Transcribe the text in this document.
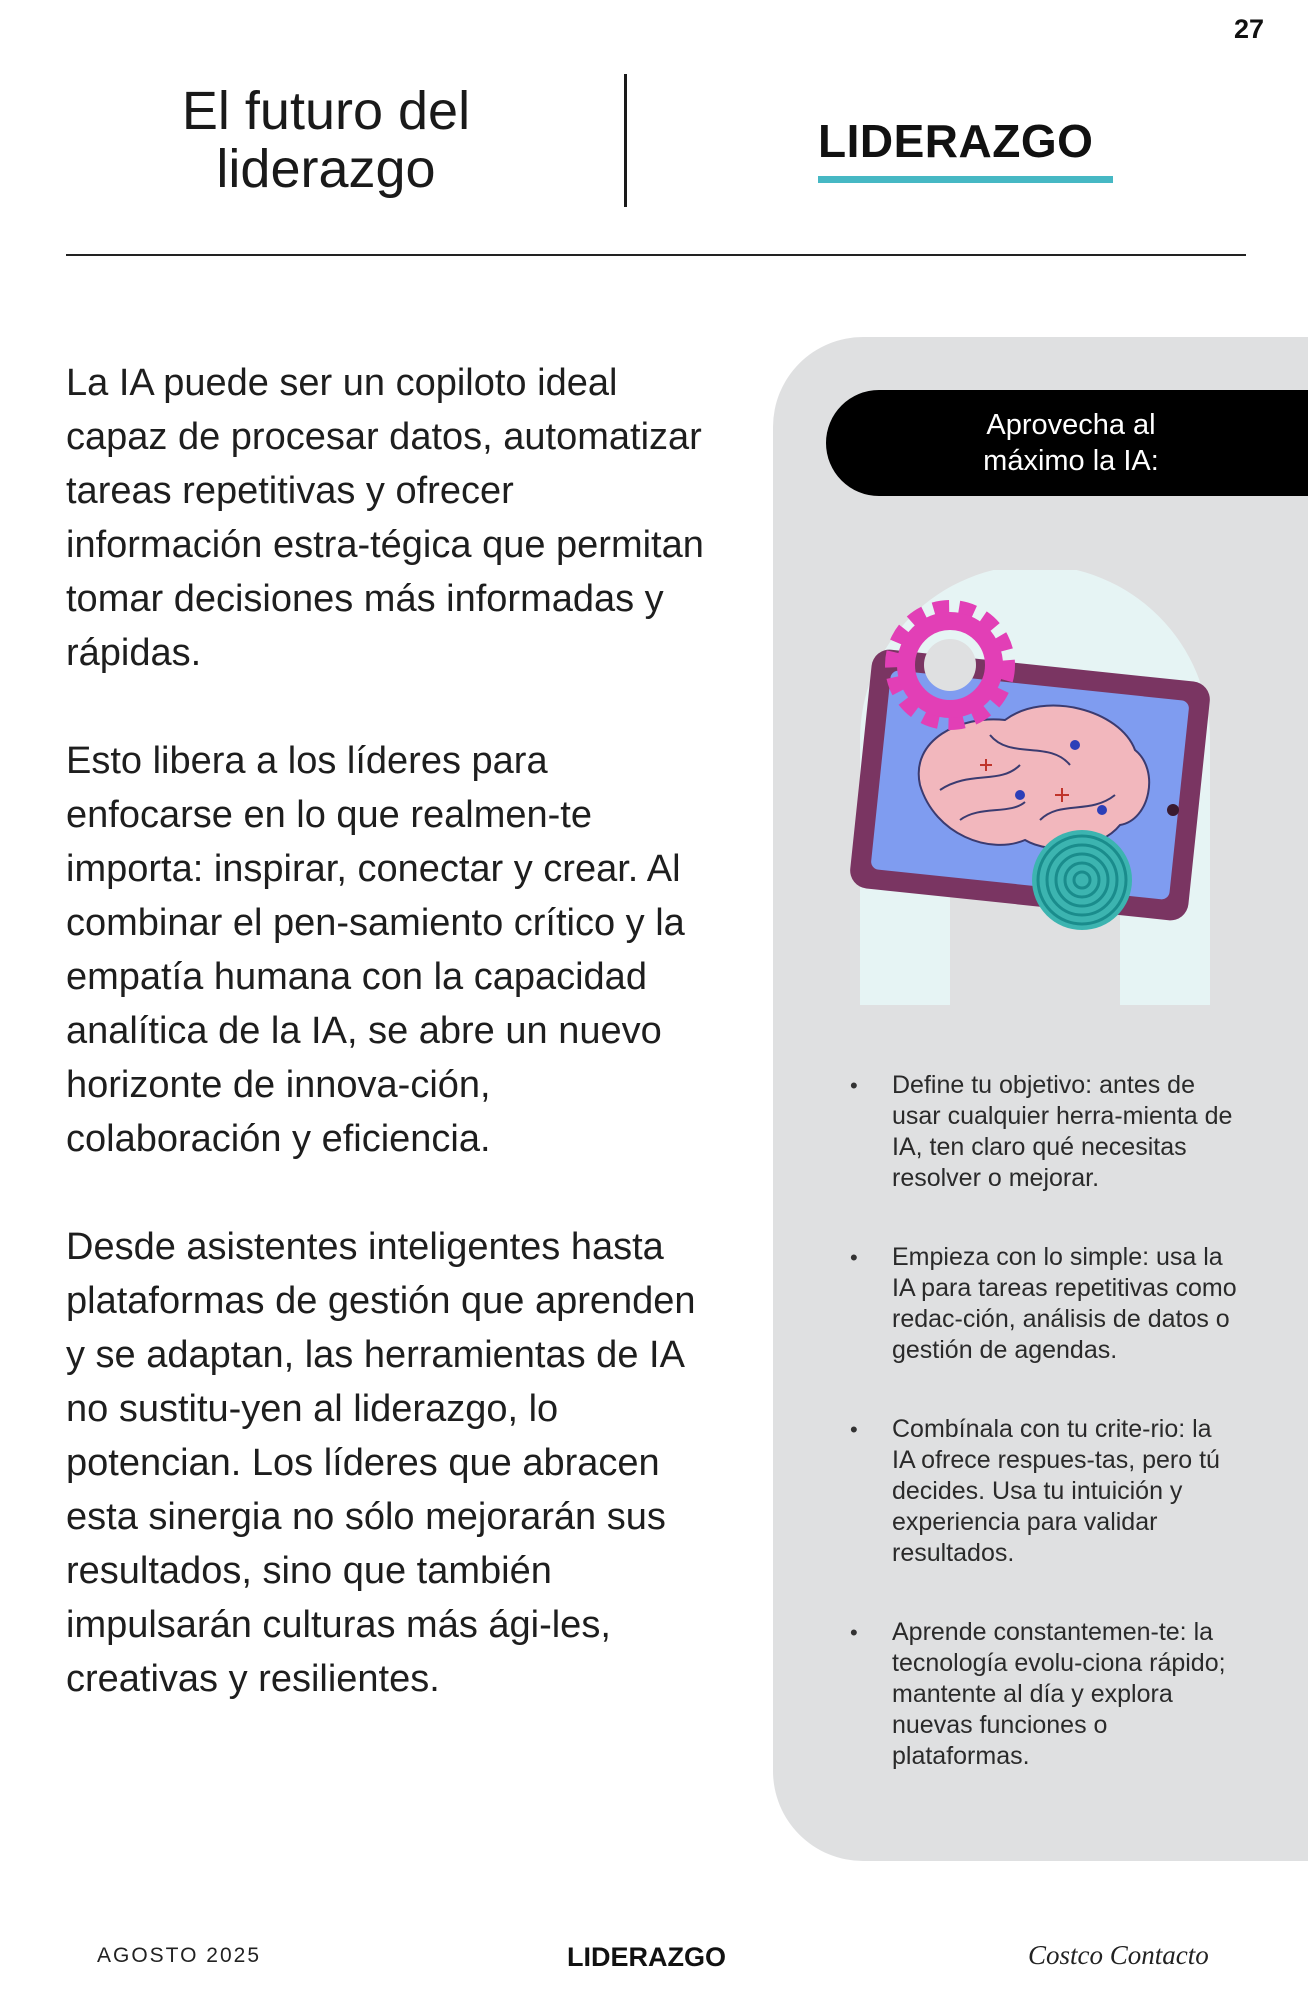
27
El futuro del
liderazgo	LIDERAZGO

La IA puede ser un copiloto ideal capaz de procesar datos, automatizar tareas repetitivas y ofrecer información estra-tégica que permitan tomar decisiones más informadas y rápidas.

Esto libera a los líderes para enfocarse en lo que realmen-te importa: inspirar, conectar y crear. Al combinar el pen-samiento crítico y la empatía humana con la capacidad analítica de la IA, se abre un nuevo horizonte de innova-ción, colaboración y eficiencia.

Desde asistentes inteligentes hasta plataformas de gestión que aprenden y se adaptan, las herramientas de IA no sustitu-yen al liderazgo, lo potencian. Los líderes que abracen esta sinergia no sólo mejorarán sus resultados, sino que también impulsarán culturas más ági-les, creativas y resilientes.

Aprovecha al
máximo la IA:
• Define tu objetivo: antes de usar cualquier herra-mienta de IA, ten claro qué necesitas resolver o mejorar.
• Empieza con lo simple: usa la IA para tareas repetitivas como redac-ción, análisis de datos o gestión de agendas.
• Combínala con tu crite-rio: la IA ofrece respues-tas, pero tú decides. Usa tu intuición y experiencia para validar resultados.
• Aprende constantemen-te: la tecnología evolu-ciona rápido; mantente al día y explora nuevas funciones o plataformas.
AGOSTO 2025	LIDERAZGO	Costco Contacto
